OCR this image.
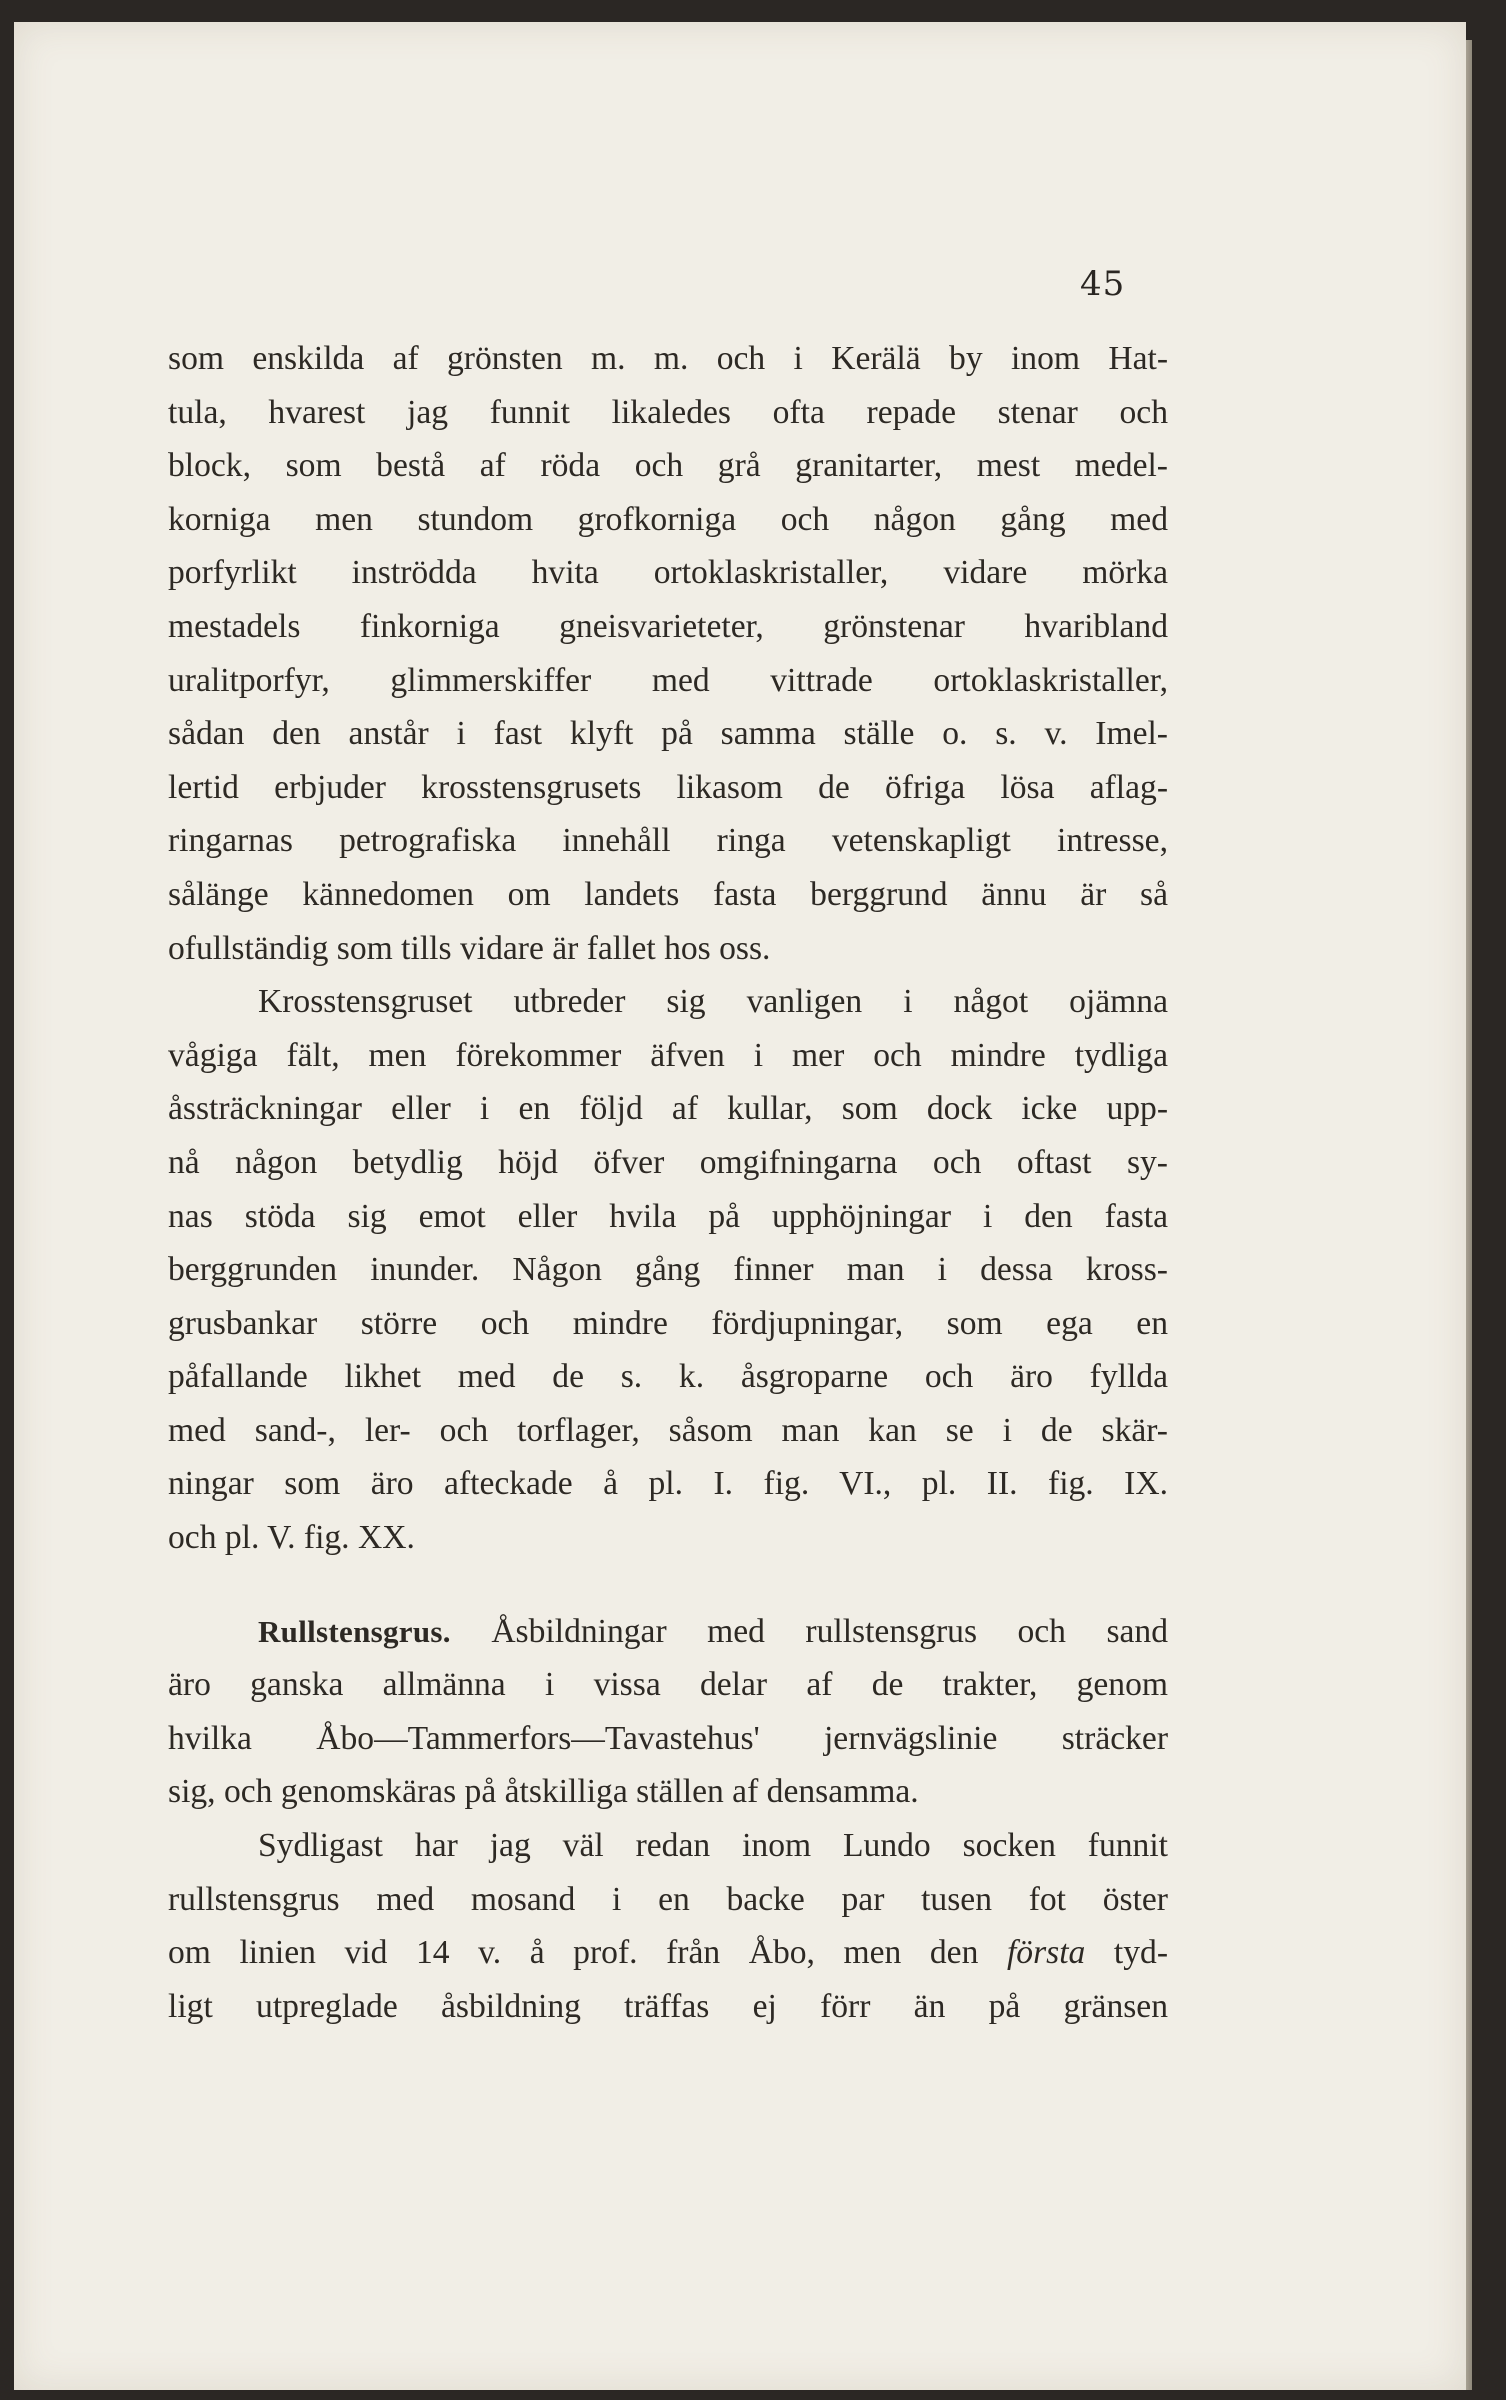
45

som enskilda af grönsten m. m. och i Kerälä by inom Hat-
tula, hvarest jag funnit likaledes ofta repade stenar och
block, som bestå af röda och grå granitarter, mest medel-
korniga men stundom grofkorniga och någon gång med
porfyrlikt inströdda hvita ortoklaskristaller, vidare mörka
mestadels finkorniga gneisvarieteter, grönstenar hvaribland
uralitporfyr, glimmerskiffer med vittrade ortoklaskristaller,
sådan den anstår i fast klyft på samma ställe o. s. v. Imel-
lertid erbjuder krosstensgrusets likasom de öfriga lösa aflag-
ringarnas petrografiska innehåll ringa vetenskapligt intresse,
sålänge kännedomen om landets fasta berggrund ännu är så
ofullständig som tills vidare är fallet hos oss.

Krosstensgruset utbreder sig vanligen i något ojämna
vågiga fält, men förekommer äfven i mer och mindre tydliga
åssträckningar eller i en följd af kullar, som dock icke upp-
nå någon betydlig höjd öfver omgifningarna och oftast sy-
nas stöda sig emot eller hvila på upphöjningar i den fasta
berggrunden inunder. Någon gång finner man i dessa kross-
grusbankar större och mindre fördjupningar, som ega en
påfallande likhet med de s. k. åsgroparne och äro fyllda
med sand-, ler- och torflager, såsom man kan se i de skär-
ningar som äro afteckade å pl. I. fig. VI., pl. II. fig. IX.
och pl. V. fig. XX.

Rullstensgrus. Åsbildningar med rullstensgrus och sand
äro ganska allmänna i vissa delar af de trakter, genom
hvilka Åbo—Tammerfors—Tavastehus' jernvägslinie sträcker
sig, och genomskäras på åtskilliga ställen af densamma.

Sydligast har jag väl redan inom Lundo socken funnit
rullstensgrus med mosand i en backe par tusen fot öster
om linien vid 14 v. å prof. från Åbo, men den första tyd-
ligt utpreglade åsbildning träffas ej förr än på gränsen
